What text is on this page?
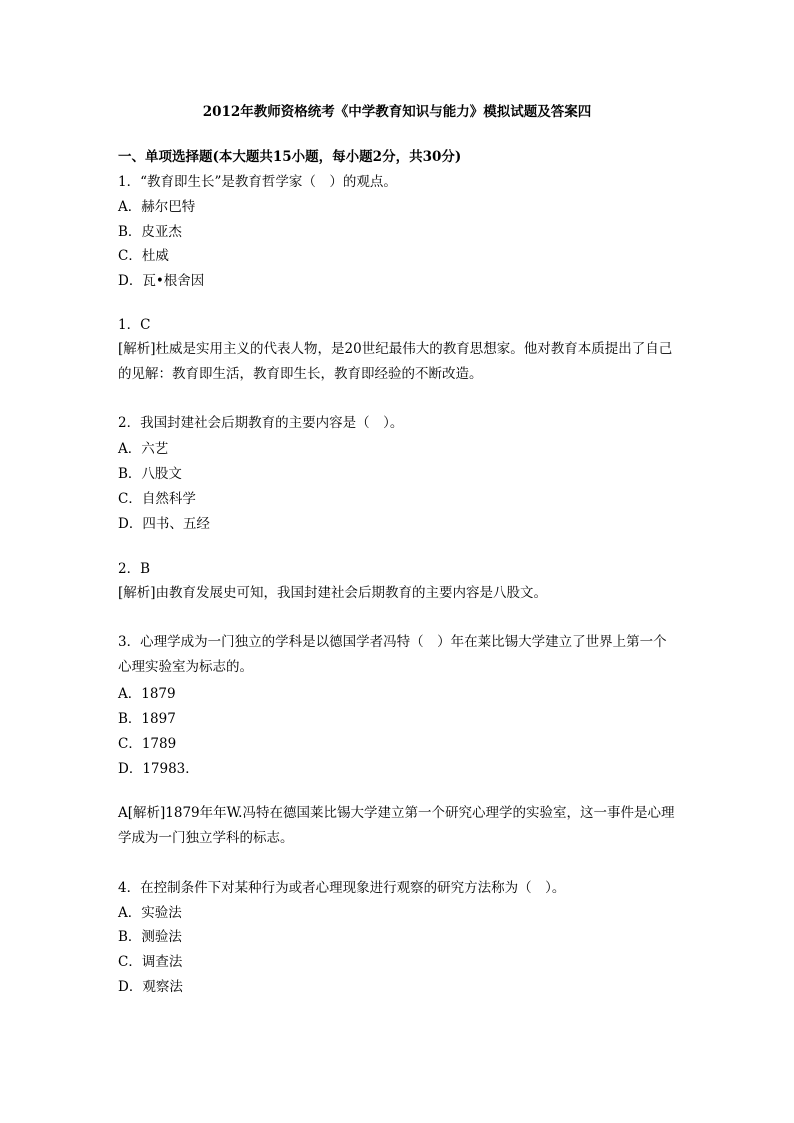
2012年教师资格统考《中学教育知识与能力》模拟试题及答案四
一、单项选择题(本大题共15小题，每小题2分，共30分)

1．“教育即生长”是教育哲学家（　）的观点。

A．赫尔巴特

B．皮亚杰

C．杜威

D．瓦•根舍因

1．C

[解析]杜威是实用主义的代表人物，是20世纪最伟大的教育思想家。他对教育本质提出了自己的见解：教育即生活，教育即生长，教育即经验的不断改造。

2．我国封建社会后期教育的主要内容是（　）。

A．六艺

B．八股文

C．自然科学

D．四书、五经

2．B

[解析]由教育发展史可知，我国封建社会后期教育的主要内容是八股文。

3．心理学成为一门独立的学科是以德国学者冯特（　）年在莱比锡大学建立了世界上第一个心理实验室为标志的。

A．1879

B．1897

C．1789

D．17983．

A[解析]1879年年W.冯特在德国莱比锡大学建立第一个研究心理学的实验室，这一事件是心理学成为一门独立学科的标志。

4．在控制条件下对某种行为或者心理现象进行观察的研究方法称为（　）。

A．实验法

B．测验法

C．调查法

D．观察法
